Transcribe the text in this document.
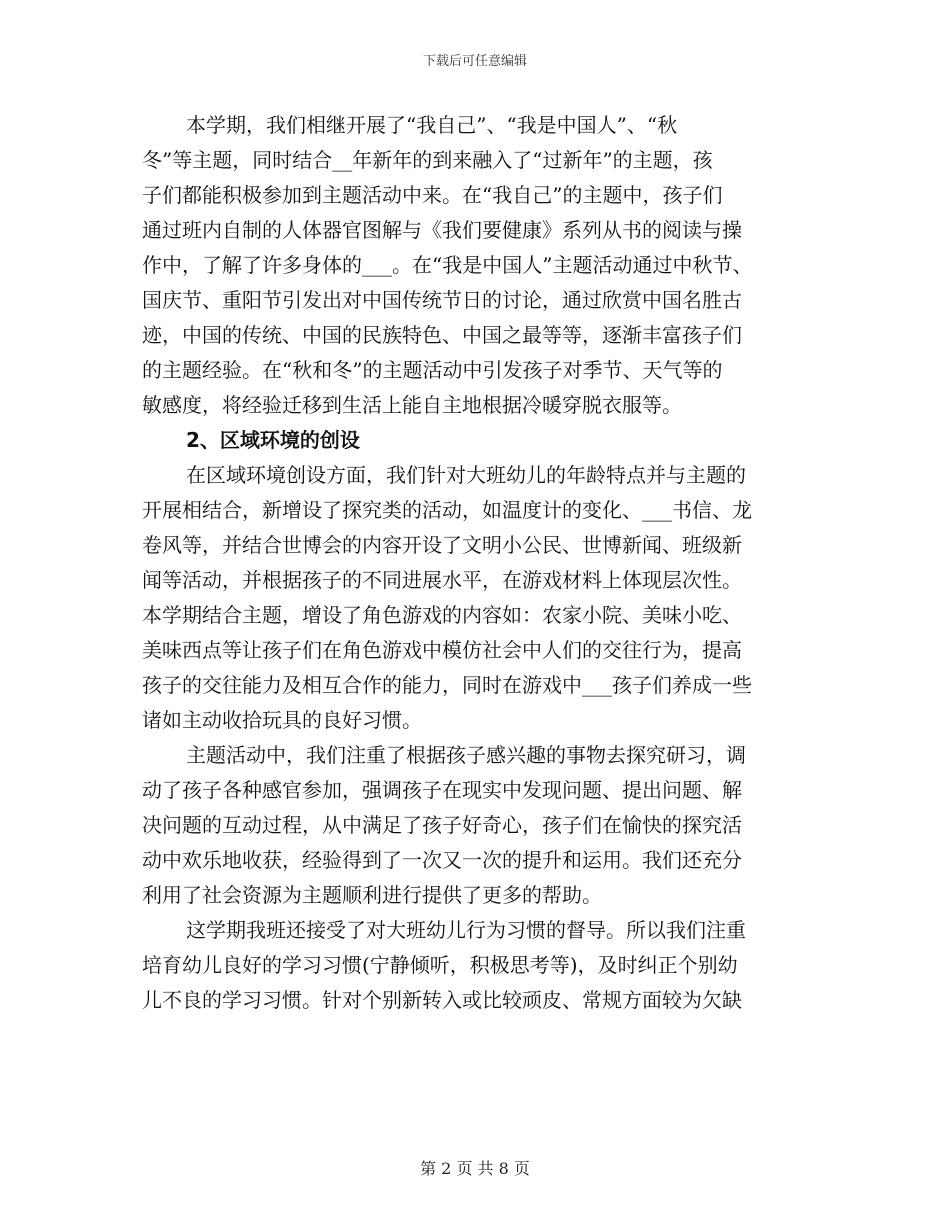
下载后可任意编辑
本学期，我们相继开展了“我自己”、“我是中国人”、“秋
冬”等主题，同时结合__年新年的到来融入了“过新年”的主题，孩
子们都能积极参加到主题活动中来。在“我自己”的主题中，孩子们
通过班内自制的人体器官图解与《我们要健康》系列从书的阅读与操
作中，了解了许多身体的___。在“我是中国人”主题活动通过中秋节、
国庆节、重阳节引发出对中国传统节日的讨论，通过欣赏中国名胜古
迹，中国的传统、中国的民族特色、中国之最等等，逐渐丰富孩子们
的主题经验。在“秋和冬”的主题活动中引发孩子对季节、天气等的
敏感度，将经验迁移到生活上能自主地根据冷暖穿脱衣服等。
2、区域环境的创设
在区域环境创设方面，我们针对大班幼儿的年龄特点并与主题的
开展相结合，新增设了探究类的活动，如温度计的变化、___书信、龙
卷风等，并结合世博会的内容开设了文明小公民、世博新闻、班级新
闻等活动，并根据孩子的不同进展水平，在游戏材料上体现层次性。
本学期结合主题，增设了角色游戏的内容如：农家小院、美味小吃、
美味西点等让孩子们在角色游戏中模仿社会中人们的交往行为，提高
孩子的交往能力及相互合作的能力，同时在游戏中___孩子们养成一些
诸如主动收拾玩具的良好习惯。
主题活动中，我们注重了根据孩子感兴趣的事物去探究研习，调
动了孩子各种感官参加，强调孩子在现实中发现问题、提出问题、解
决问题的互动过程，从中满足了孩子好奇心，孩子们在愉快的探究活
动中欢乐地收获，经验得到了一次又一次的提升和运用。我们还充分
利用了社会资源为主题顺利进行提供了更多的帮助。
这学期我班还接受了对大班幼儿行为习惯的督导。所以我们注重
培育幼儿良好的学习习惯(宁静倾听，积极思考等)，及时纠正个别幼
儿不良的学习习惯。针对个别新转入或比较顽皮、常规方面较为欠缺
第 2 页 共 8 页
